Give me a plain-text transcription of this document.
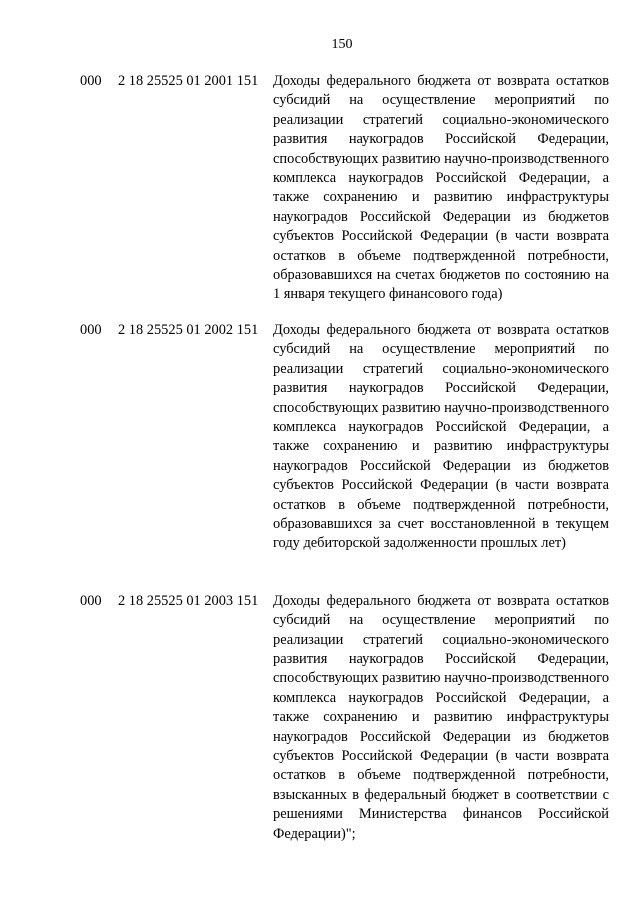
150
000	2 18 25525 01 2001 151	Доходы федерального бюджета от возврата остатков субсидий на осуществление мероприятий по реализации стратегий социально-экономического развития наукоградов Российской Федерации, способствующих развитию научно-производственного комплекса наукоградов Российской Федерации, а также сохранению и развитию инфраструктуры наукоградов Российской Федерации из бюджетов субъектов Российской Федерации (в части возврата остатков в объеме подтвержденной потребности, образовавшихся на счетах бюджетов по состоянию на 1 января текущего финансового года)
000	2 18 25525 01 2002 151	Доходы федерального бюджета от возврата остатков субсидий на осуществление мероприятий по реализации стратегий социально-экономического развития наукоградов Российской Федерации, способствующих развитию научно-производственного комплекса наукоградов Российской Федерации, а также сохранению и развитию инфраструктуры наукоградов Российской Федерации из бюджетов субъектов Российской Федерации (в части возврата остатков в объеме подтвержденной потребности, образовавшихся за счет восстановленной в текущем году дебиторской задолженности прошлых лет)
000	2 18 25525 01 2003 151	Доходы федерального бюджета от возврата остатков субсидий на осуществление мероприятий по реализации стратегий социально-экономического развития наукоградов Российской Федерации, способствующих развитию научно-производственного комплекса наукоградов Российской Федерации, а также сохранению и развитию инфраструктуры наукоградов Российской Федерации из бюджетов субъектов Российской Федерации (в части возврата остатков в объеме подтвержденной потребности, взысканных в федеральный бюджет в соответствии с решениями Министерства финансов Российской Федерации)";
